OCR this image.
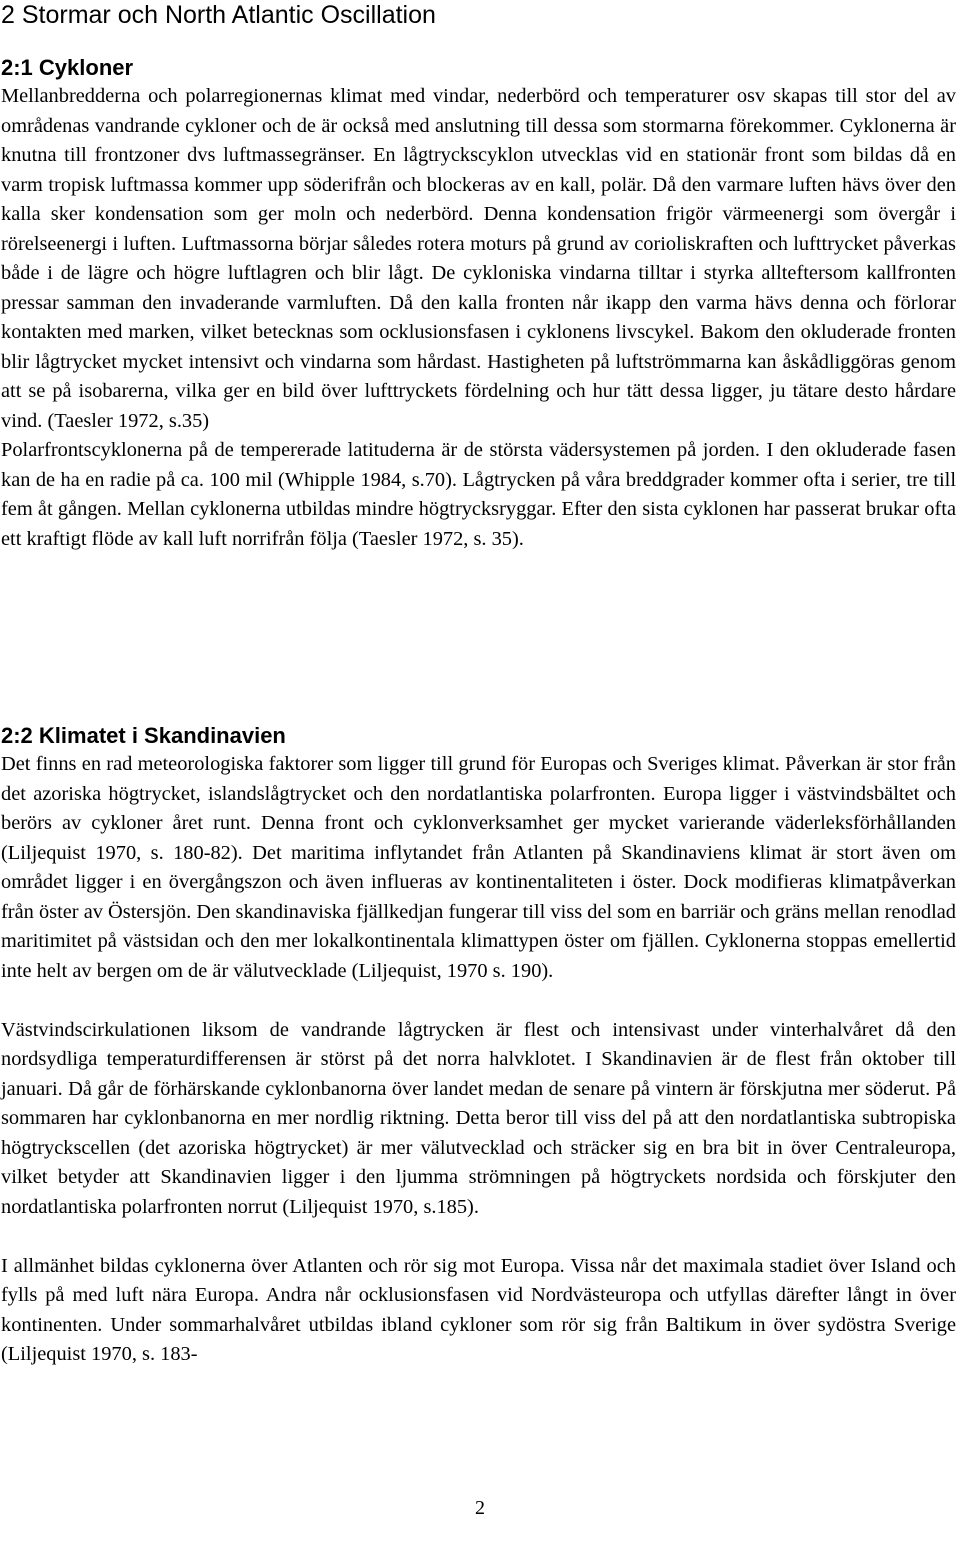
2 Stormar och North Atlantic Oscillation
2:1 Cykloner

Mellanbredderna och polarregionernas klimat med vindar, nederbörd och temperaturer osv skapas till stor del av områdenas vandrande cykloner och de är också med anslutning till dessa som stormarna förekommer. Cyklonerna är knutna till frontzoner dvs luftmassegränser. En lågtryckscyklon utvecklas vid en stationär front som bildas då en varm tropisk luftmassa kommer upp söderifrån och blockeras av en kall, polär. Då den varmare luften hävs över den kalla sker kondensation som ger moln och nederbörd. Denna kondensation frigör värmeenergi som övergår i rörelseenergi i luften. Luftmassorna börjar således rotera moturs på grund av corioliskraften och lufttrycket påverkas både i de lägre och högre luftlagren och blir lågt. De cykloniska vindarna tilltar i styrka allteftersom kallfronten pressar samman den invaderande varmluften. Då den kalla fronten når ikapp den varma hävs denna och förlorar kontakten med marken, vilket betecknas som ocklusionsfasen i cyklonens livscykel. Bakom den okluderade fronten blir lågtrycket mycket intensivt och vindarna som hårdast. Hastigheten på luftströmmarna kan åskådliggöras genom att se på isobarerna, vilka ger en bild över lufttryckets fördelning och hur tätt dessa ligger, ju tätare desto hårdare vind. (Taesler 1972, s.35)

Polarfrontscyklonerna på de tempererade latituderna är de största vädersystemen på jorden. I den okluderade fasen kan de ha en radie på ca. 100 mil (Whipple 1984, s.70). Lågtrycken på våra breddgrader kommer ofta i serier, tre till fem åt gången. Mellan cyklonerna utbildas mindre högtrycksryggar. Efter den sista cyklonen har passerat brukar ofta ett kraftigt flöde av kall luft norrifrån följa (Taesler 1972, s. 35).

2:2 Klimatet i Skandinavien

Det finns en rad meteorologiska faktorer som ligger till grund för Europas och Sveriges klimat. Påverkan är stor från det azoriska högtrycket, islandslågtrycket och den nordatlantiska polarfronten. Europa ligger i västvindsbältet och berörs av cykloner året runt. Denna front och cyklonverksamhet ger mycket varierande väderleksförhållanden (Liljequist 1970, s. 180-82). Det maritima inflytandet från Atlanten på Skandinaviens klimat är stort även om området ligger i en övergångszon och även influeras av kontinentaliteten i öster. Dock modifieras klimatpåverkan från öster av Östersjön. Den skandinaviska fjällkedjan fungerar till viss del som en barriär och gräns mellan renodlad maritimitet på västsidan och den mer lokalkontinentala klimattypen öster om fjällen. Cyklonerna stoppas emellertid inte helt av bergen om de är välutvecklade (Liljequist, 1970 s. 190).

Västvindscirkulationen liksom de vandrande lågtrycken är flest och intensivast under vinterhalvåret då den nordsydliga temperaturdifferensen är störst på det norra halvklotet. I Skandinavien är de flest från oktober till januari. Då går de förhärskande cyklonbanorna över landet medan de senare på vintern är förskjutna mer söderut. På sommaren har cyklonbanorna en mer nordlig riktning. Detta beror till viss del på att den nordatlantiska subtropiska högtryckscellen (det azoriska högtrycket) är mer välutvecklad och sträcker sig en bra bit in över Centraleuropa, vilket betyder att Skandinavien ligger i den ljumma strömningen på högtryckets nordsida och förskjuter den nordatlantiska polarfronten norrut (Liljequist 1970, s.185).

I allmänhet bildas cyklonerna över Atlanten och rör sig mot Europa. Vissa når det maximala stadiet över Island och fylls på med luft nära Europa. Andra når ocklusionsfasen vid Nordvästeuropa och utfyllas därefter långt in över kontinenten. Under sommarhalvåret utbildas ibland cykloner som rör sig från Baltikum in över sydöstra Sverige (Liljequist 1970, s. 183-

2
